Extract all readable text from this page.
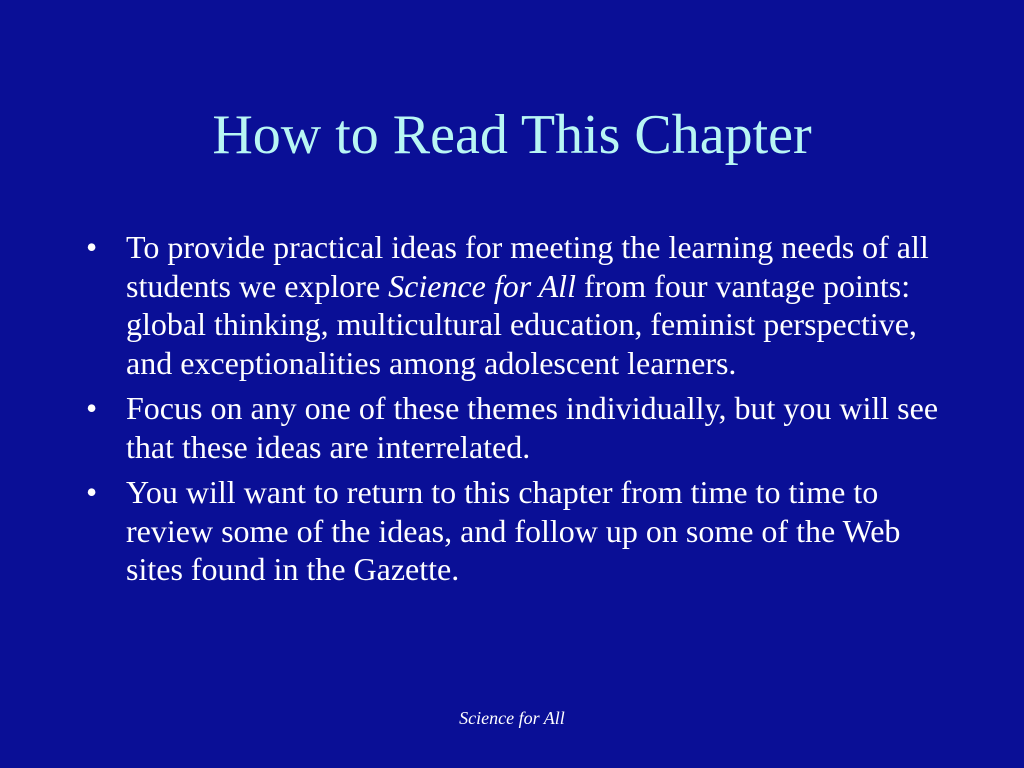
How to Read This Chapter
• To provide practical ideas for meeting the learning needs of all students we explore Science for All from four vantage points: global thinking, multicultural education, feminist perspective, and exceptionalities among adolescent learners.
• Focus on any one of these themes individually, but you will see that these ideas are interrelated.
• You will want to return to this chapter from time to time to review some of the ideas, and follow up on some of the Web sites found in the Gazette.
Science for All
